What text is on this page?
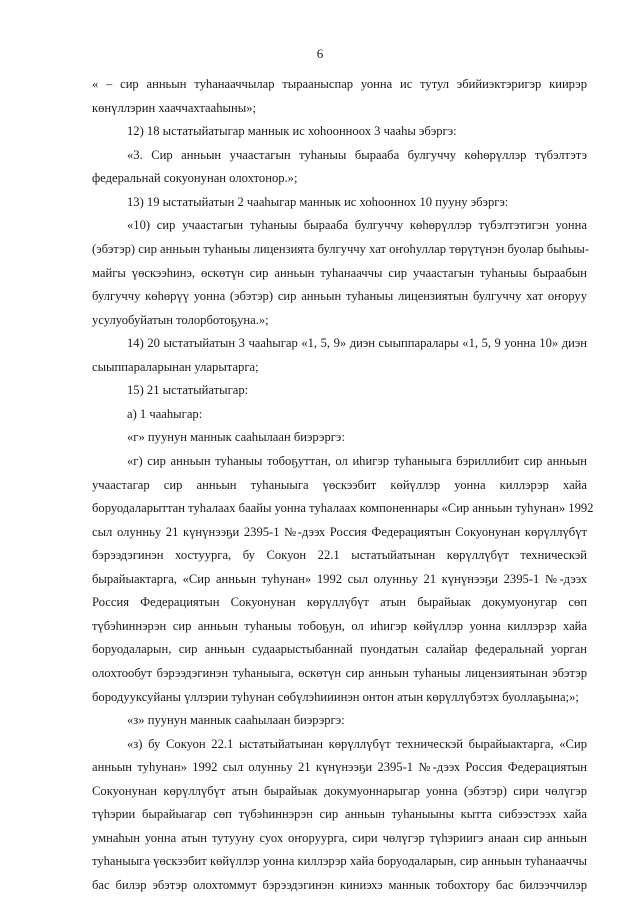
6
« – сир анньын туһанааччылар тырааныспар уонна ис тутул эбийиэктэригэр киирэр
көнүллэрин хааччахтааһыны»;
12) 18 ыстатыйатыгар маннык ис хоһоонноох 3 чааһы эбэргэ:
«3. Сир анньын учаастагын туһаныы быраабa булгуччу көһөрүллэр түбэлтэтэ
федеральнай сокуонунан олохтонор.»;
13) 19 ыстатыйатын 2 чааһыгар маннык ис хоһооннох 10 пууну эбэргэ:
«10) сир учаастагын туһаныы быраабa булгуччу көһөрүллэр түбэлтэтигэн уонна
(эбэтэр) сир анньын туһаныы лицензията булгуччу хат оҥоһуллар төрүтүнэн буолар быһыы-
майгы үөскээһинэ, өскөтүн сир анньын туһанааччы сир учаастагын туһаныы быраабын
булгуччу көһөрүү уонна (эбэтэр) сир анньын туһаныы лицензиятын булгуччу хат оҥоруу
усулуобуйатын толорботоҕуна.»;
14) 20 ыстатыйатын 3 чааһыгар «1, 5, 9» диэн сыыппаралары «1, 5, 9 уонна 10» диэн
сыыппараларынан уларытарга;
15) 21 ыстатыйатыгар:
а) 1 чааһыгар:
«г» пуунун маннык сааһылаан биэрэргэ:
«г) сир анньын туһаныы тобоҕуттан, ол иһигэр туһаныыга бэриллибит сир анньын
учаастагар сир анньын туһаныыга үөскээбит көйүллэр уонна киллэрэр хайа
боруодаларыттан туһалаах баайы уонна туһалаах компоненнары «Сир анньын туһунан» 1992
сыл олунньу 21 күнүнээҕи 2395-1 №-дээх Россия Федерациятын Сокуонунан көрүллүбүт
бэрээдэгинэн хостуурга, бу Сокуон 22.1 ыстатыйатынан көрүллүбүт техническэй
бырайыактарга, «Сир анньын туһунан» 1992 сыл олунньу 21 күнүнээҕи 2395-1 №-дээх
Россия Федерациятын Сокуонунан көрүллүбүт атын бырайыак докумуонугар сөп
түбэһиннэрэн сир анньын туһаныы тобоҕун, ол иһигэр көйүллэр уонна киллэрэр хайа
боруодаларын, сир анньын судаарыстыбаннай пуондатын салайар федеральнай уорган
олохтообут бэрээдэгинэн туһаныыга, өскөтүн сир анньын туһаныы лицензиятынан эбэтэр
бородууксуйаны үллэрии туһунан сөбүлэһииинэн онтон атын көрүллүбэтэх буоллаҕына;»;
«з» пуунун маннык сааһылаан биэрэргэ:
«з) бу Сокуон 22.1 ыстатыйатынан көрүллүбүт техническэй бырайыактарга, «Сир
анньын туһунан» 1992 сыл олунньу 21 күнүнээҕи 2395-1 №-дээх Россия Федерациятын
Сокуонунан көрүллүбүт атын бырайыак докумуоннарыгар уонна (эбэтэр) сири чөлүгэр
түһэрии бырайыагар сөп түбэһиннэрэн сир анньын туһаныыны кытта сибээстээх хайа
умнаһын уонна атын тутууну суох оҥоруурга, сири чөлүгэр түһэриигэ анаан сир анньын
туһаныыга үөскээбит көйүллэр уонна киллэрэр хайа боруодаларын, сир анньын туһанааччы
бас билэр эбэтэр олохтоммут бэрээдэгинэн киниэхэ маннык тобохтору бас билээччилэр
